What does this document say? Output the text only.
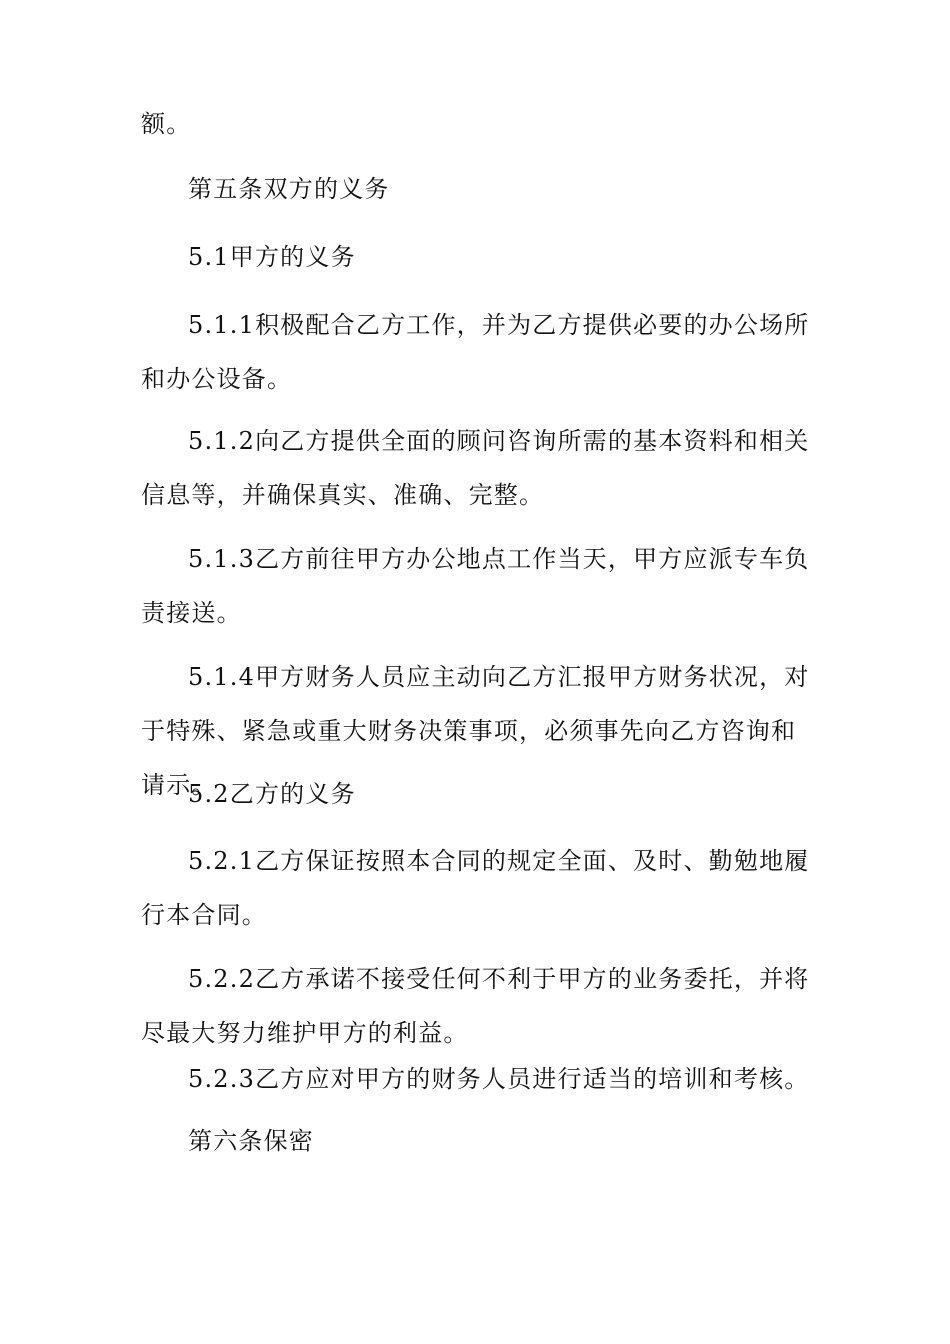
额。

第五条双方的义务

5.1甲方的义务

5.1.1积极配合乙方工作，并为乙方提供必要的办公场所和办公设备。

5.1.2向乙方提供全面的顾问咨询所需的基本资料和相关信息等，并确保真实、准确、完整。

5.1.3乙方前往甲方办公地点工作当天，甲方应派专车负责接送。

5.1.4甲方财务人员应主动向乙方汇报甲方财务状况，对于特殊、紧急或重大财务决策事项，必须事先向乙方咨询和请示。

5.2乙方的义务

5.2.1乙方保证按照本合同的规定全面、及时、勤勉地履行本合同。

5.2.2乙方承诺不接受任何不利于甲方的业务委托，并将尽最大努力维护甲方的利益。

5.2.3乙方应对甲方的财务人员进行适当的培训和考核。

第六条保密
